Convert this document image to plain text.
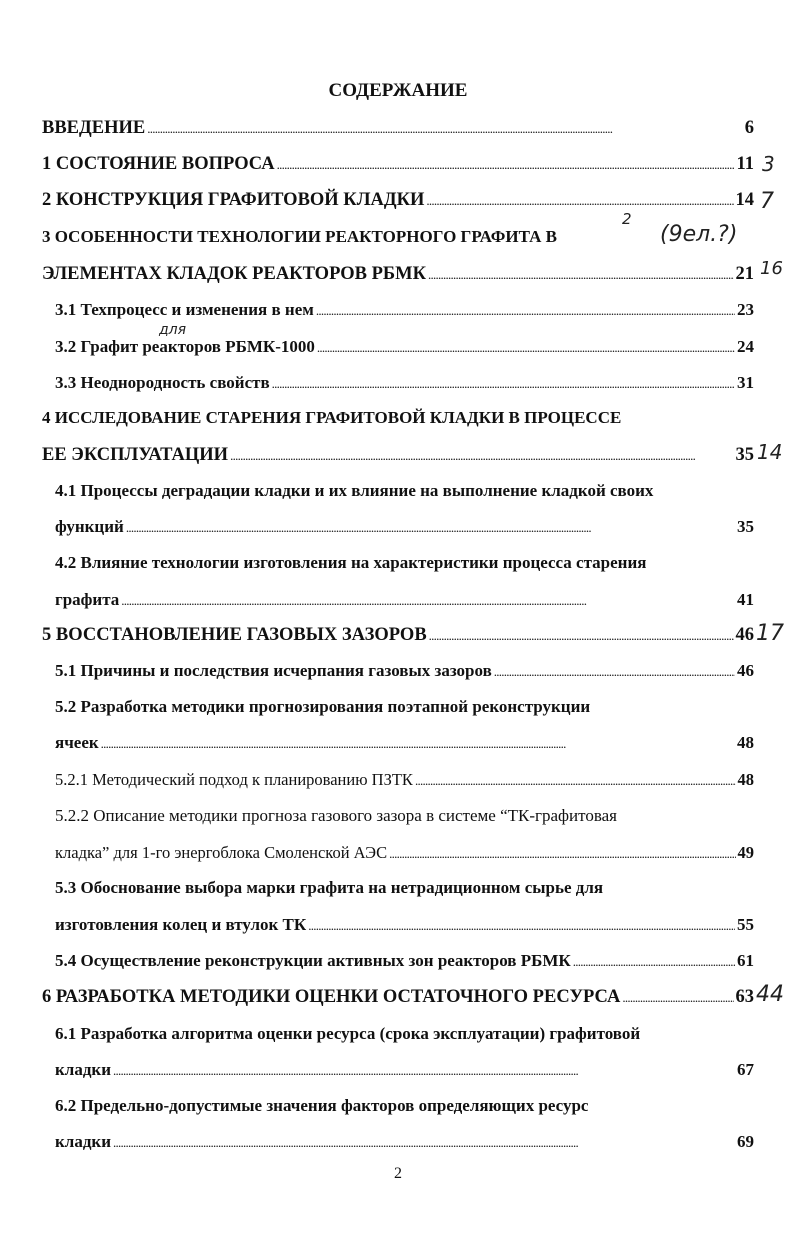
СОДЕРЖАНИЕ
ВВЕДЕНИЕ . . .	6
1 СОСТОЯНИЕ ВОПРОСА . . .	11
2 КОНСТРУКЦИЯ ГРАФИТОВОЙ КЛАДКИ . . .	14
3 ОСОБЕННОСТИ ТЕХНОЛОГИИ РЕАКТОРНОГО ГРАФИТА В
ЭЛЕМЕНТАХ КЛАДОК РЕАКТОРОВ РБМК . . .	21
3.1 Техпроцесс и изменения в нем . . .	23
3.2 Графит реакторов РБМК-1000 . . .	24
3.3 Неоднородность свойств . . .	31
4 ИССЛЕДОВАНИЕ СТАРЕНИЯ ГРАФИТОВОЙ КЛАДКИ В ПРОЦЕССЕ
ЕЕ ЭКСПЛУАТАЦИИ . . .	35
4.1 Процессы деградации кладки и их влияние на выполнение кладкой своих
функций . . .	35
4.2 Влияние технологии изготовления на характеристики процесса старения
графита . . .	41
5 ВОССТАНОВЛЕНИЕ ГАЗОВЫХ ЗАЗОРОВ . . .	46
5.1 Причины и последствия исчерпания газовых зазоров . . .	46
5.2 Разработка методики прогнозирования поэтапной реконструкции
ячеек . . .	48
5.2.1 Методический подход к планированию ПЗТК . . .	48
5.2.2 Описание методики прогноза газового зазора в системе “ТК-графитовая
кладка” для 1-го энергоблока Смоленской АЭС . . .	49
5.3 Обоснование выбора марки графита на нетрадиционном сырье для
изготовления колец и втулок ТК . . .	55
5.4 Осуществление реконструкции активных зон реакторов РБМК . . .	61
6 РАЗРАБОТКА МЕТОДИКИ ОЦЕНКИ ОСТАТОЧНОГО РЕСУРСА . . .	63
6.1 Разработка алгоритма оценки ресурса (срока эксплуатации) графитовой
кладки . . .	67
6.2 Предельно-допустимые значения факторов определяющих ресурс
кладки . . .	69
3
7
2
(9ел.?)
16
для
14
17
44
2
